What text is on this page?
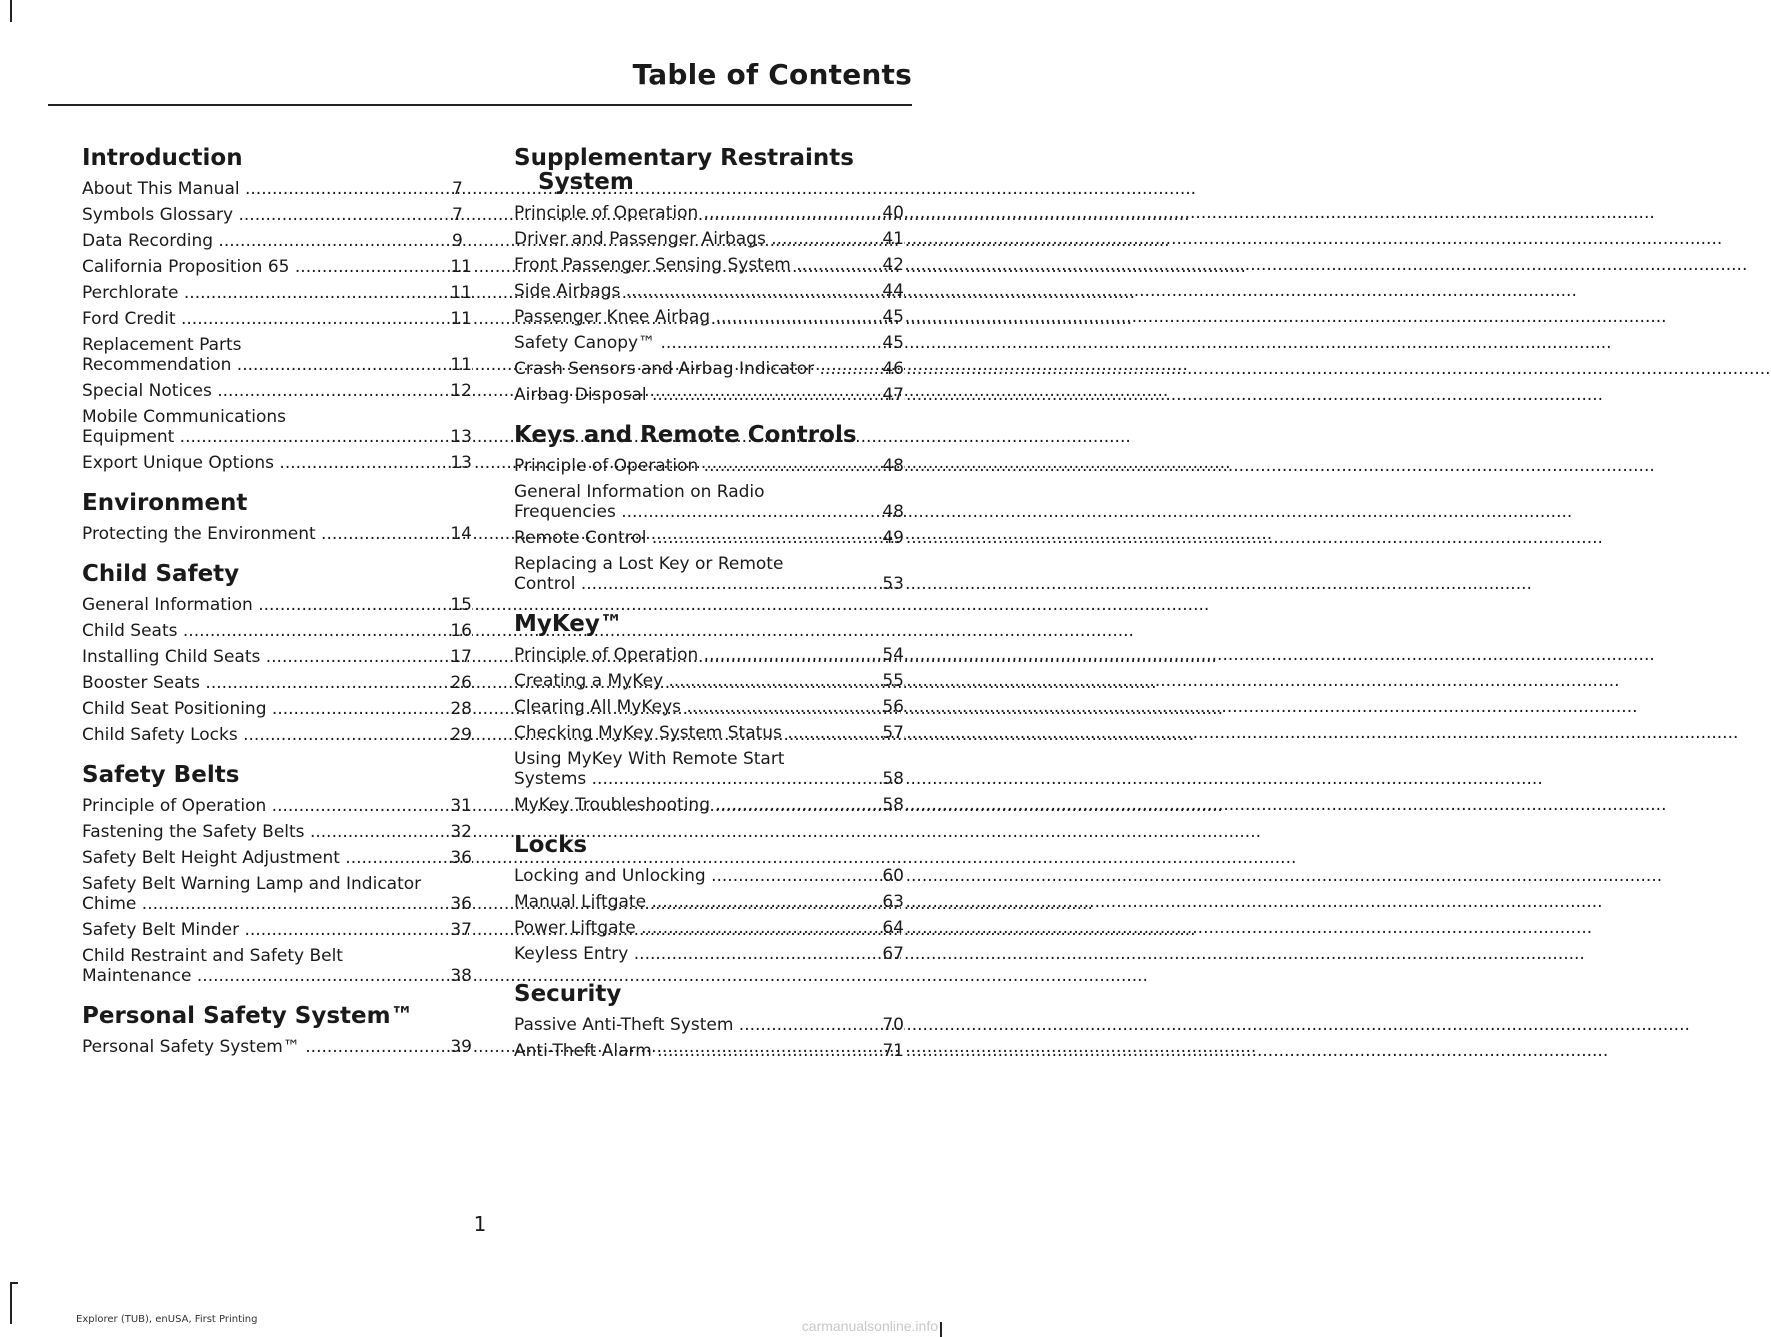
Table of Contents
Introduction
About This Manual .....	7
Symbols Glossary .....	7
Data Recording .....	9
California Proposition 65 .....	11
Perchlorate .....	11
Ford Credit .....	11
Replacement Parts
Recommendation .....	11
Special Notices .....	12
Mobile Communications
Equipment .....	13
Export Unique Options .....	13
Environment
Protecting the Environment .....	14
Child Safety
General Information .....	15
Child Seats .....	16
Installing Child Seats .....	17
Booster Seats .....	26
Child Seat Positioning .....	28
Child Safety Locks .....	29
Safety Belts
Principle of Operation .....	31
Fastening the Safety Belts .....	32
Safety Belt Height Adjustment .....	36
Safety Belt Warning Lamp and Indicator
Chime .....	36
Safety Belt Minder .....	37
Child Restraint and Safety Belt
Maintenance .....	38
Personal Safety System™
Personal Safety System™ .....	39
Supplementary Restraints
System
Principle of Operation .....	40
Driver and Passenger Airbags .....	41
Front Passenger Sensing System .....	42
Side Airbags .....	44
Passenger Knee Airbag .....	45
Safety Canopy™ .....	45
Crash Sensors and Airbag Indicator .....	46
Airbag Disposal .....	47
Keys and Remote Controls
Principle of Operation .....	48
General Information on Radio
Frequencies .....	48
Remote Control .....	49
Replacing a Lost Key or Remote
Control .....	53
MyKey™
Principle of Operation .....	54
Creating a MyKey .....	55
Clearing All MyKeys .....	56
Checking MyKey System Status .....	57
Using MyKey With Remote Start
Systems .....	58
MyKey Troubleshooting .....	58
Locks
Locking and Unlocking .....	60
Manual Liftgate .....	63
Power Liftgate .....	64
Keyless Entry .....	67
Security
Passive Anti-Theft System .....	70
Anti-Theft Alarm .....	71
1
Explorer (TUB), enUSA, First Printing	carmanualsonline.info
